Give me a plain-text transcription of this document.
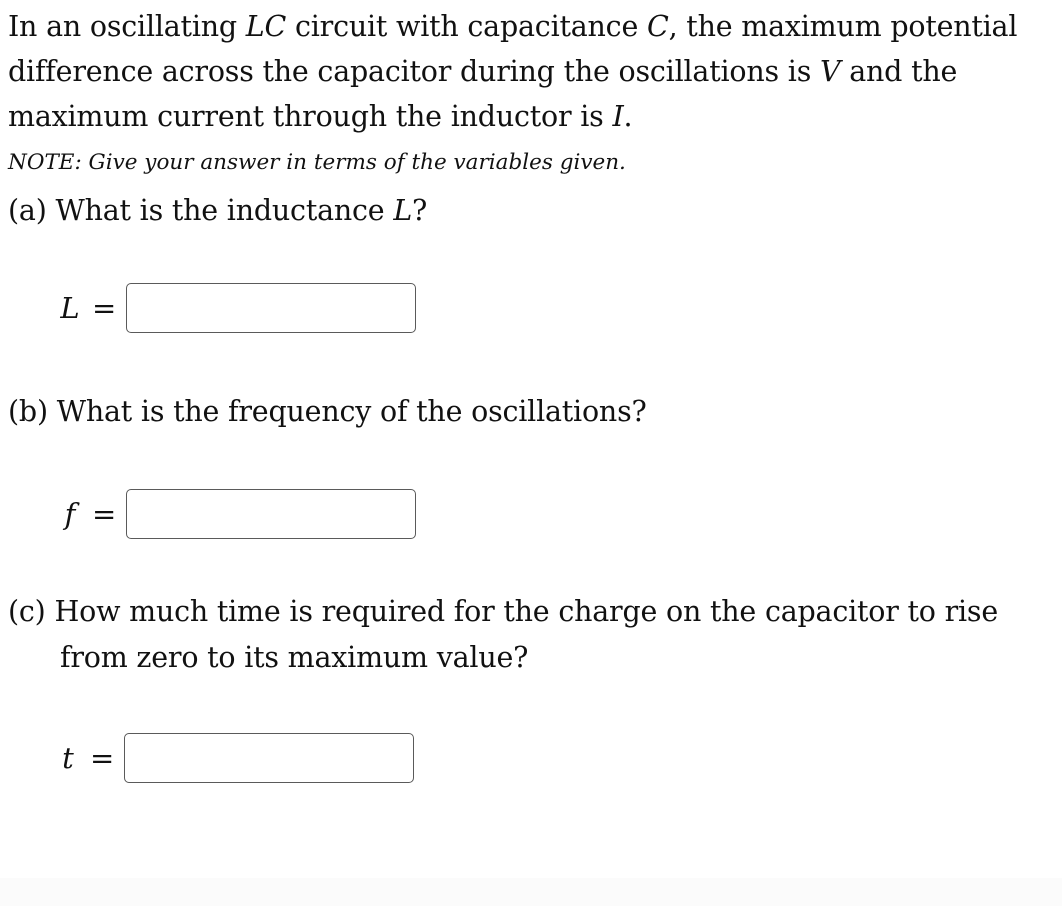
In an oscillating LC circuit with capacitance C, the maximum potential

difference across the capacitor during the oscillations is V and the

maximum current through the inductor is I.

NOTE: Give your answer in terms of the variables given.

(a) What is the inductance L?
L =
(b) What is the frequency of the oscillations?
f =
(c) How much time is required for the charge on the capacitor to rise
from zero to its maximum value?
t =
